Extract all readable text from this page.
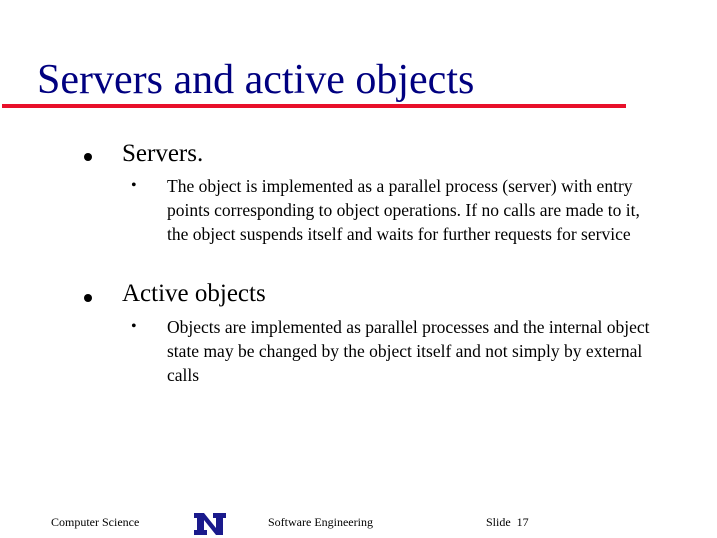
Servers and active objects
Servers.
• The object is implemented as a parallel process (server) with entry points corresponding to object operations. If no calls are made to it, the object suspends itself and waits for further requests for service
Active objects
• Objects are implemented as parallel processes and the internal object state may be changed by the object itself and not simply by external calls
Computer Science	Software Engineering	Slide  17
